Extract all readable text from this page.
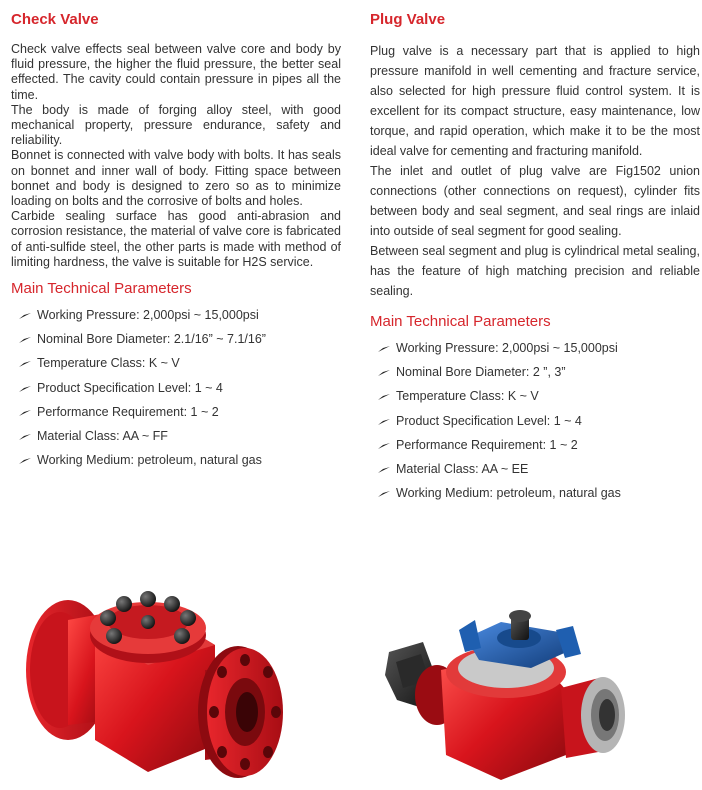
Check Valve

Check valve effects seal between valve core and body by fluid pressure, the higher the fluid pressure, the better seal effected. The cavity could contain pressure in pipes all the time.

The body is made of forging alloy steel, with good mechanical property, pressure endurance, safety and reliability.

Bonnet is connected with valve body with bolts. It has seals on bonnet and inner wall of body. Fitting space between bonnet and body is designed to zero so as to minimize loading on bolts and the corrosive of bolts and holes.

Carbide sealing surface has good anti-abrasion and corrosion resistance, the material of valve core is fabricated of anti-sulfide steel, the other parts is made with method of limiting hardness, the valve is suitable for H2S service.

Main Technical Parameters
Working Pressure: 2,000psi ~ 15,000psi
Nominal Bore Diameter: 2.1/16” ~ 7.1/16”
Temperature Class: K ~ V
Product Specification Level: 1 ~ 4
Performance Requirement: 1 ~ 2
Material Class: AA ~ FF
Working Medium: petroleum, natural gas
Plug Valve

Plug valve is a necessary part that is applied to high pressure manifold in well cementing and fracture service, also selected for high pressure fluid control system. It is excellent for its compact structure, easy maintenance, low torque, and rapid operation, which make it to be the most ideal valve for cementing and fracturing manifold.

The inlet and outlet of plug valve are Fig1502 union connections (other connections on request), cylinder fits between body and seal segment, and seal rings are inlaid into outside of seal segment for good sealing.

Between seal segment and plug is cylindrical metal sealing, has the feature of high matching precision and reliable sealing.

Main Technical Parameters
Working Pressure: 2,000psi ~ 15,000psi
Nominal Bore Diameter: 2 ”, 3”
Temperature Class: K ~ V
Product Specification Level: 1 ~ 4
Performance Requirement: 1 ~ 2
Material Class: AA ~ EE
Working Medium: petroleum, natural gas
